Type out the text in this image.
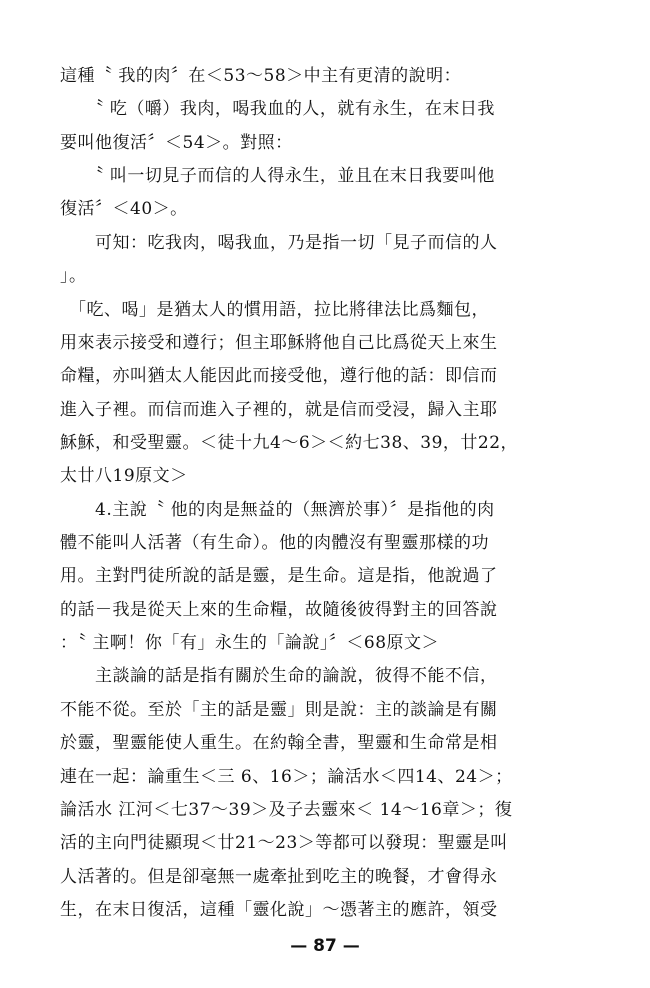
這種〝 我的肉〞在＜53～58＞中主有更清的說明：
　　〝 吃（嚼）我肉，喝我血的人，就有永生，在末日我
要叫他復活〞＜54＞。對照：
　　〝 叫一切見子而信的人得永生，並且在末日我要叫他
復活〞＜40＞。
　　可知：吃我肉，喝我血，乃是指一切「見子而信的人
」。
　「吃、喝」是猶太人的慣用語，拉比將律法比爲麵包，
用來表示接受和遵行；但主耶穌將他自己比爲從天上來生
命糧，亦叫猶太人能因此而接受他，遵行他的話：即信而
進入子裡。而信而進入子裡的，就是信而受浸，歸入主耶
穌穌，和受聖靈。＜徒十九4～6＞＜約七38、39，廿22，
太廿八19原文＞
　　4.主說〝 他的肉是無益的（無濟於事）〞是指他的肉
體不能叫人活著（有生命）。他的肉體沒有聖靈那樣的功
用。主對門徒所說的話是靈，是生命。這是指，他說過了
的話－我是從天上來的生命糧，故隨後彼得對主的回答說
：〝 主啊！你「有」永生的「論說」〞＜68原文＞
　　主談論的話是指有關於生命的論說，彼得不能不信，
不能不從。至於「主的話是靈」則是說：主的談論是有關
於靈，聖靈能使人重生。在約翰全書，聖靈和生命常是相
連在一起：論重生＜三 6、16＞；論活水＜四14、24＞；
論活水 江河＜七37～39＞及子去靈來＜ 14～16章＞；復
活的主向門徒顯現＜廿21～23＞等都可以發現：聖靈是叫
人活著的。但是卻毫無一處牽扯到吃主的晚餐，才會得永
生，在末日復活，這種「靈化說」～憑著主的應許，領受
— 87 —
